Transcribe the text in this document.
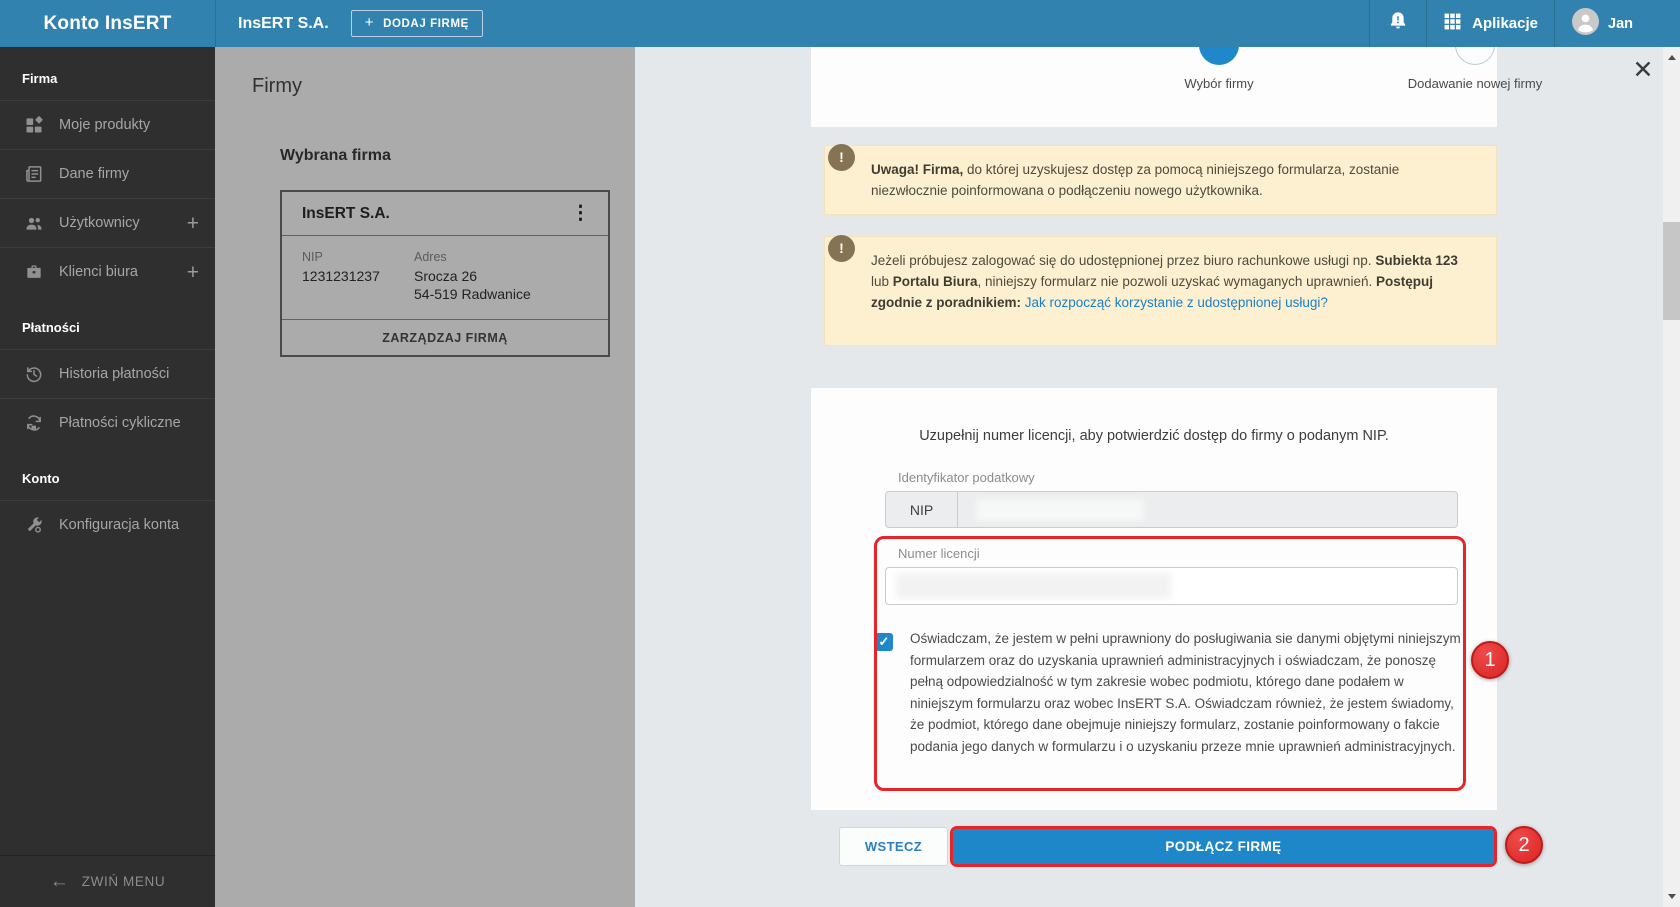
Konto InsERT	InsERT S.A. + DODAJ FIRMĘ	Aplikacje	Jan
Firma
Moje produkty
Dane firmy
Użytkownicy +
Klienci biura +
Płatności
Historia płatności
Płatności cykliczne
Konto
Konfiguracja konta
← ZWIŃ MENU
Firmy
Wybrana firma
InsERT S.A.	⋮
NIP
1231231237
Adres
Srocza 26
54-519 Radwanice
ZARZĄDZAJ FIRMĄ
Wybór firmy	Dodawanie nowej firmy
!
Uwaga! Firma, do której uzyskujesz dostęp za pomocą niniejszego formularza, zostanie niezwłocznie poinformowana o podłączeniu nowego użytkownika.
!
Jeżeli próbujesz zalogować się do udostępnionej przez biuro rachunkowe usługi np. Subiekta 123 lub Portalu Biura, niniejszy formularz nie pozwoli uzyskać wymaganych uprawnień. Postępuj zgodnie z poradnikiem: Jak rozpocząć korzystanie z udostępnionej usługi?
Uzupełnij numer licencji, aby potwierdzić dostęp do firmy o podanym NIP.
Identyfikator podatkowy
NIP
Numer licencji
✓ Oświadczam, że jestem w pełni uprawniony do posługiwania sie danymi objętymi niniejszym formularzem oraz do uzyskania uprawnień administracyjnych i oświadczam, że ponoszę pełną odpowiedzialność w tym zakresie wobec podmiotu, którego dane podałem w niniejszym formularzu oraz wobec InsERT S.A. Oświadczam również, że jestem świadomy, że podmiot, którego dane obejmuje niniejszy formularz, zostanie poinformowany o fakcie podania jego danych w formularzu i o uzyskaniu przeze mnie uprawnień administracyjnych.
WSTECZ	PODŁĄCZ FIRMĘ
1
2
✕
